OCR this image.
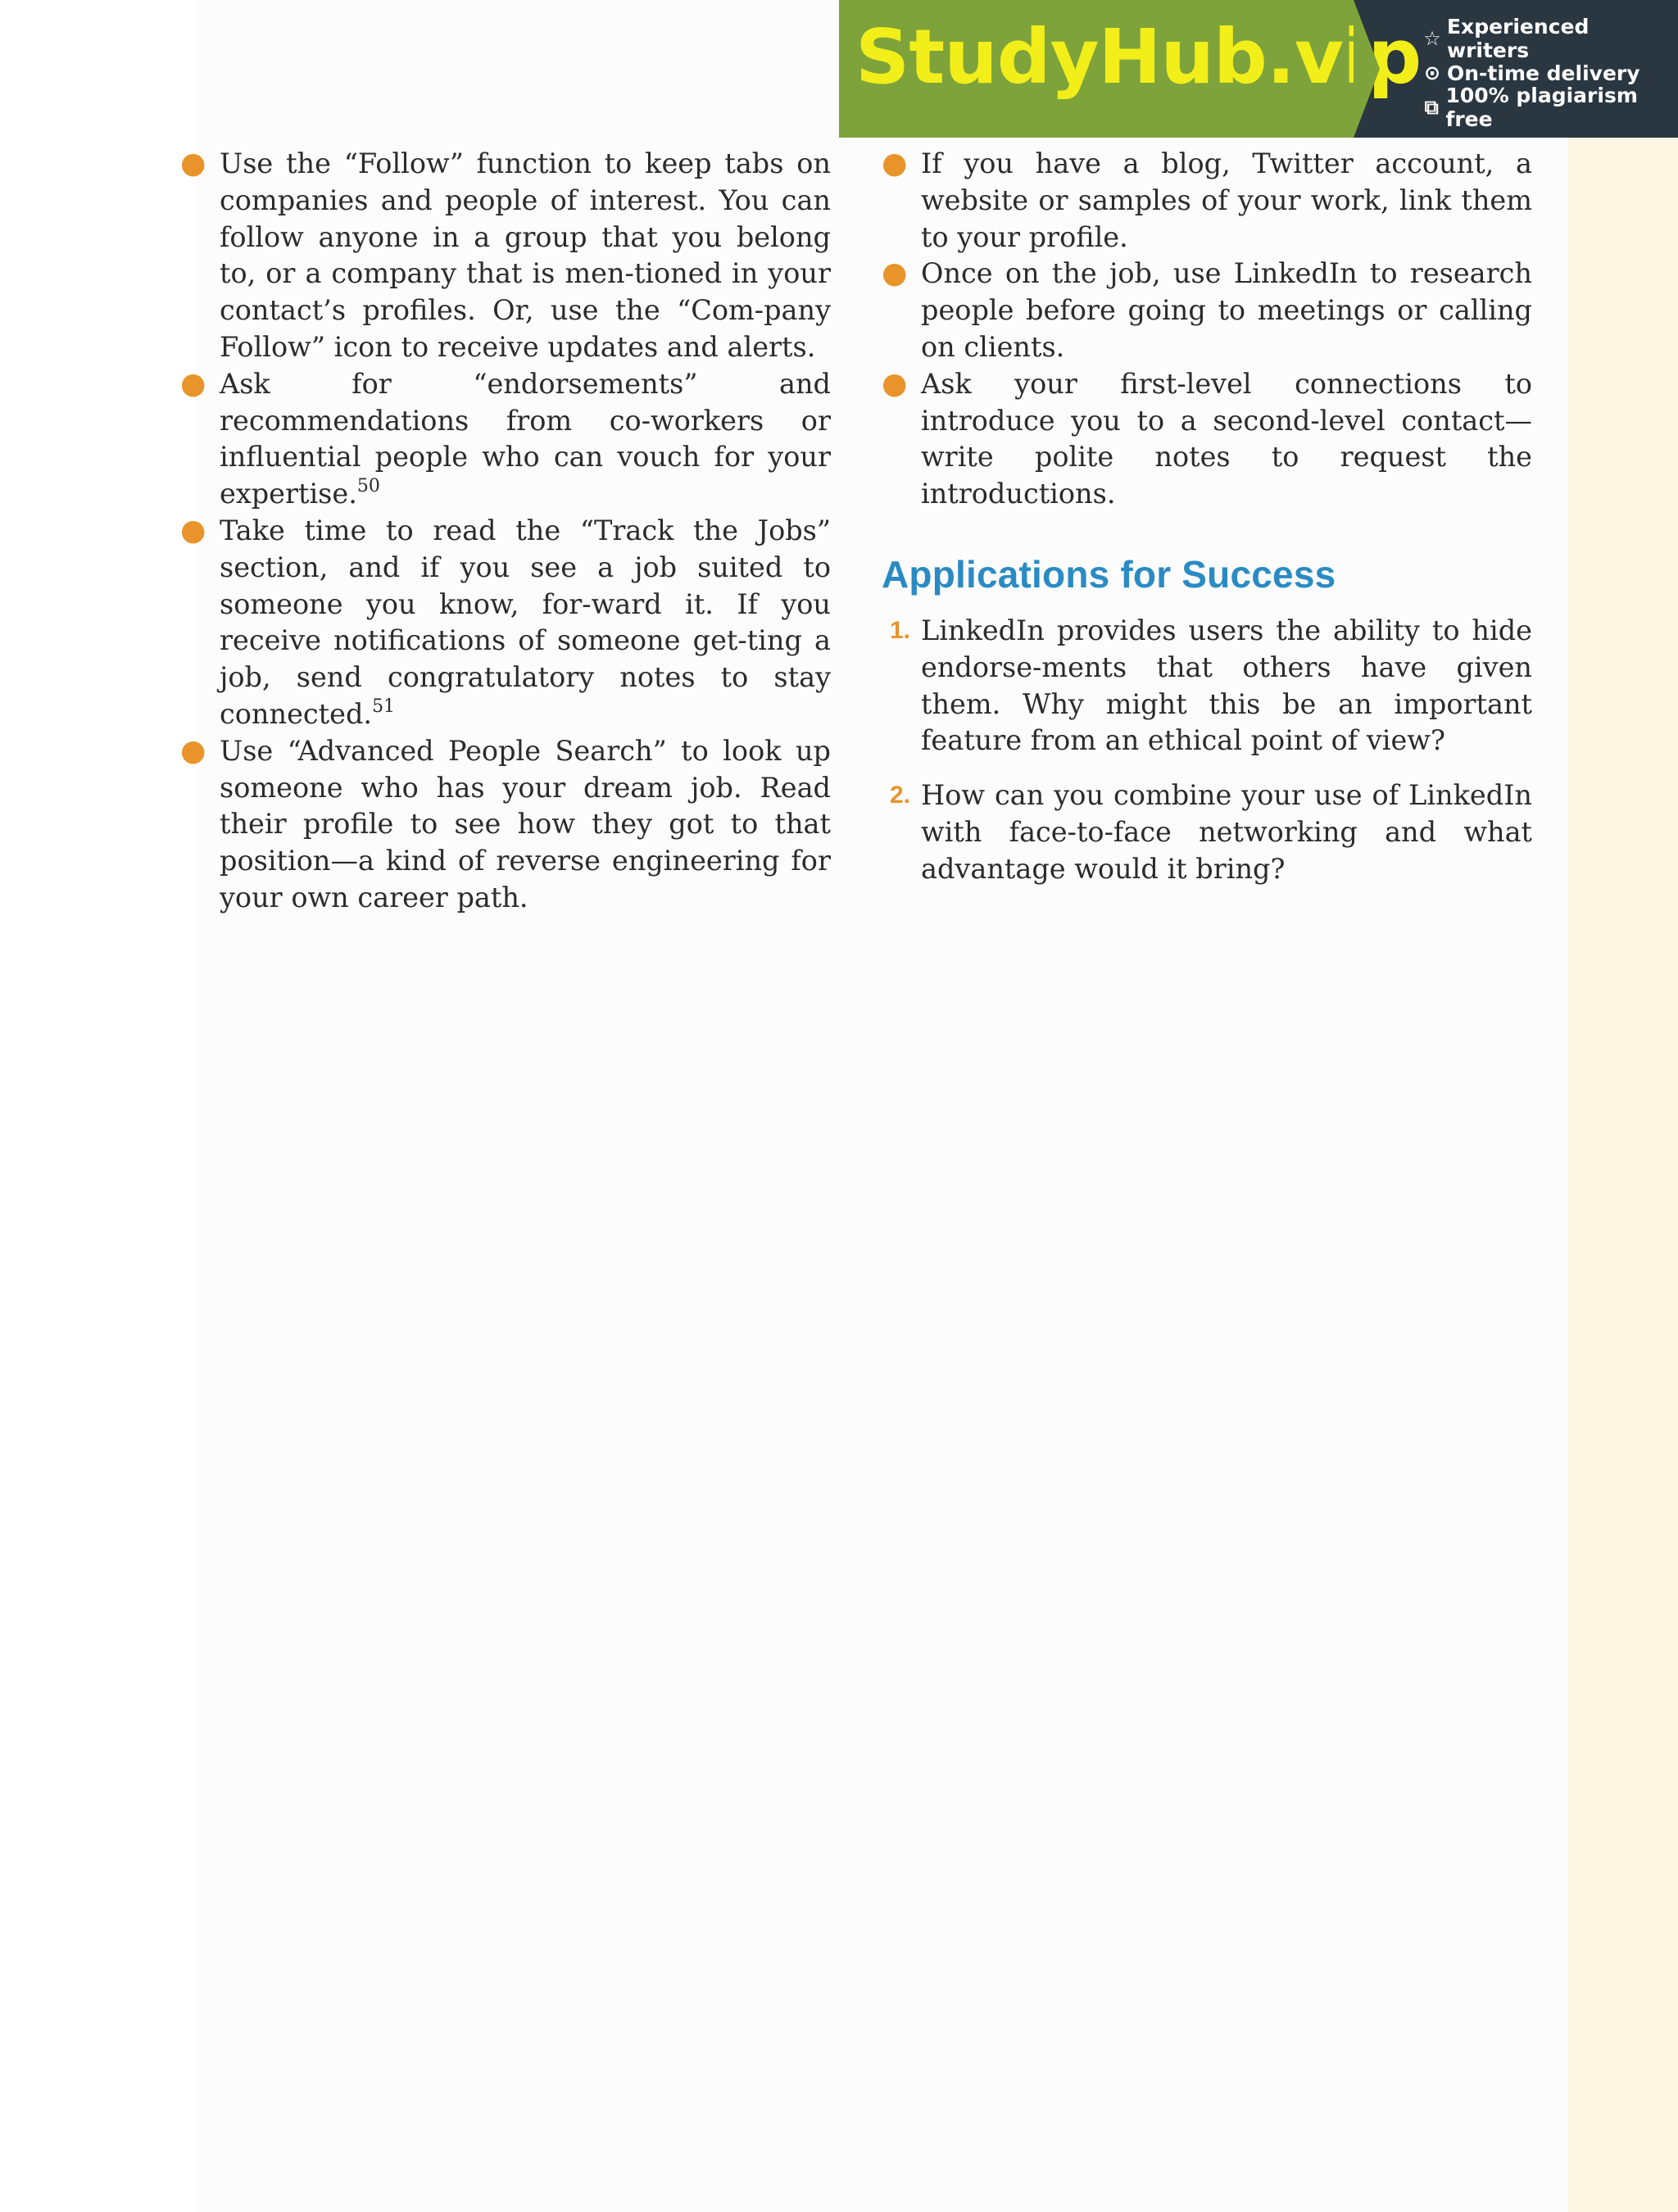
StudyHub.vip ☆ Experienced writers
⊙ On-time delivery
⧉ 100% plagiarism free
● Use the “Follow” function to keep tabs on companies and people of interest. You can follow anyone in a group that you belong to, or a company that is men-tioned in your contact’s profiles. Or, use the “Com-pany Follow” icon to receive updates and alerts.
● Ask for “endorsements” and recommendations from co-workers or influential people who can vouch for your expertise.$^{50}$
● Take time to read the “Track the Jobs” section, and if you see a job suited to someone you know, for-ward it. If you receive notifications of someone get-ting a job, send congratulatory notes to stay connected.$^{51}$
● Use “Advanced People Search” to look up someone who has your dream job. Read their profile to see how they got to that position—a kind of reverse engineering for your own career path.
● If you have a blog, Twitter account, a website or samples of your work, link them to your profile.
● Once on the job, use LinkedIn to research people before going to meetings or calling on clients.
● Ask your first-level connections to introduce you to a second-level contact—write polite notes to request the introductions.
Applications for Success
1. LinkedIn provides users the ability to hide endorse-ments that others have given them. Why might this be an important feature from an ethical point of view?
2. How can you combine your use of LinkedIn with face-to-face networking and what advantage would it bring?
